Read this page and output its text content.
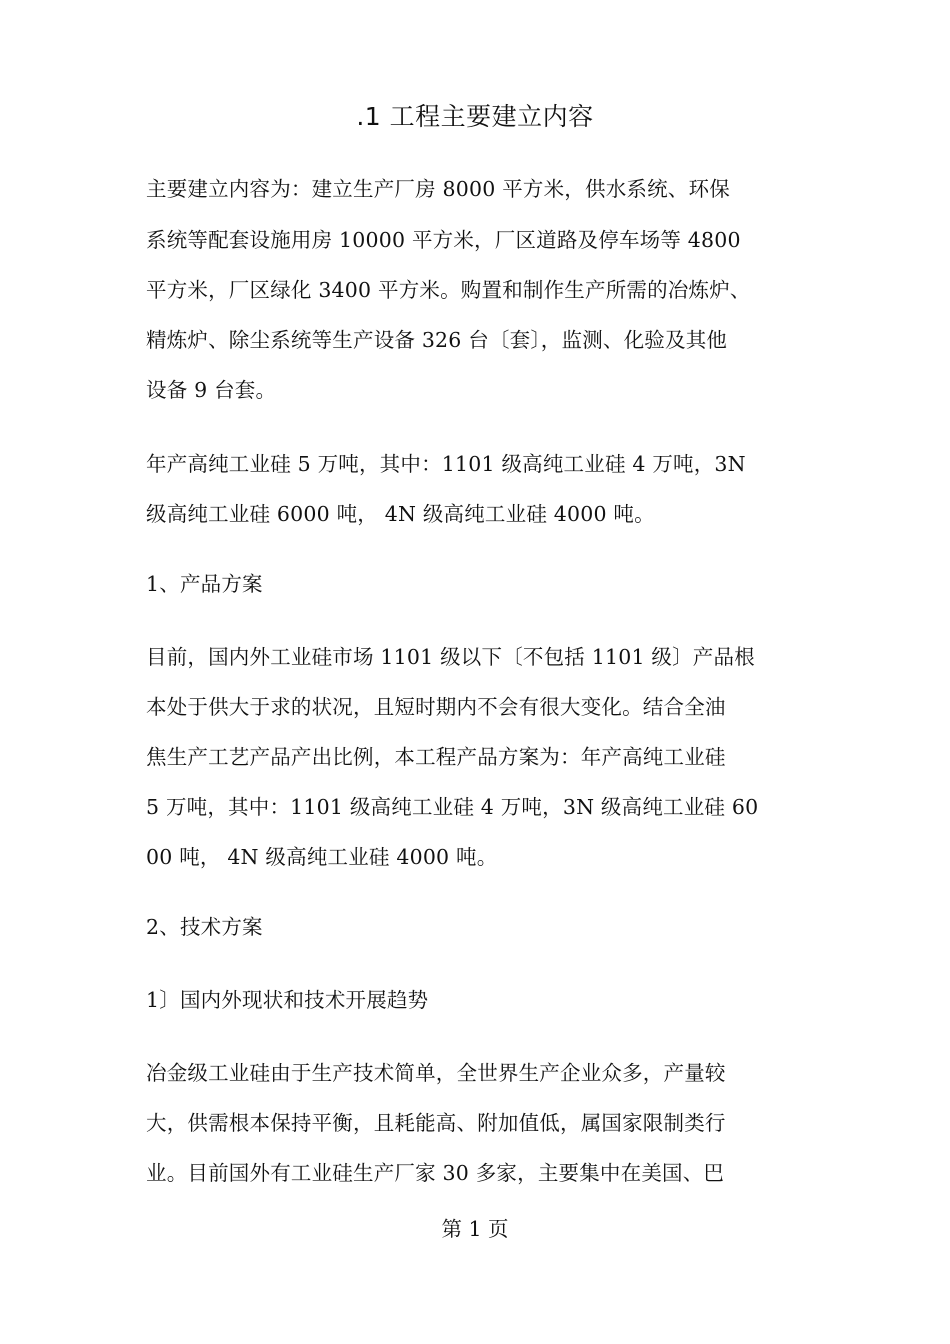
.1 工程主要建立内容
主要建立内容为：建立生产厂房 8000 平方米，供水系统、环保
系统等配套设施用房 10000 平方米，厂区道路及停车场等 4800
平方米，厂区绿化 3400 平方米。购置和制作生产所需的冶炼炉、
精炼炉、除尘系统等生产设备 326 台〔套〕，监测、化验及其他
设备 9 台套。
年产高纯工业硅 5 万吨，其中：1101 级高纯工业硅 4 万吨，3N
级高纯工业硅 6000 吨， 4N 级高纯工业硅 4000 吨。
1、产品方案
目前，国内外工业硅市场 1101 级以下〔不包括 1101 级〕产品根
本处于供大于求的状况，且短时期内不会有很大变化。结合全油
焦生产工艺产品产出比例，本工程产品方案为：年产高纯工业硅
5 万吨，其中：1101 级高纯工业硅 4 万吨，3N 级高纯工业硅 60
00 吨， 4N 级高纯工业硅 4000 吨。
2、技术方案
1〕国内外现状和技术开展趋势
冶金级工业硅由于生产技术简单，全世界生产企业众多，产量较
大，供需根本保持平衡，且耗能高、附加值低，属国家限制类行
业。目前国外有工业硅生产厂家 30 多家，主要集中在美国、巴
第 1 页
